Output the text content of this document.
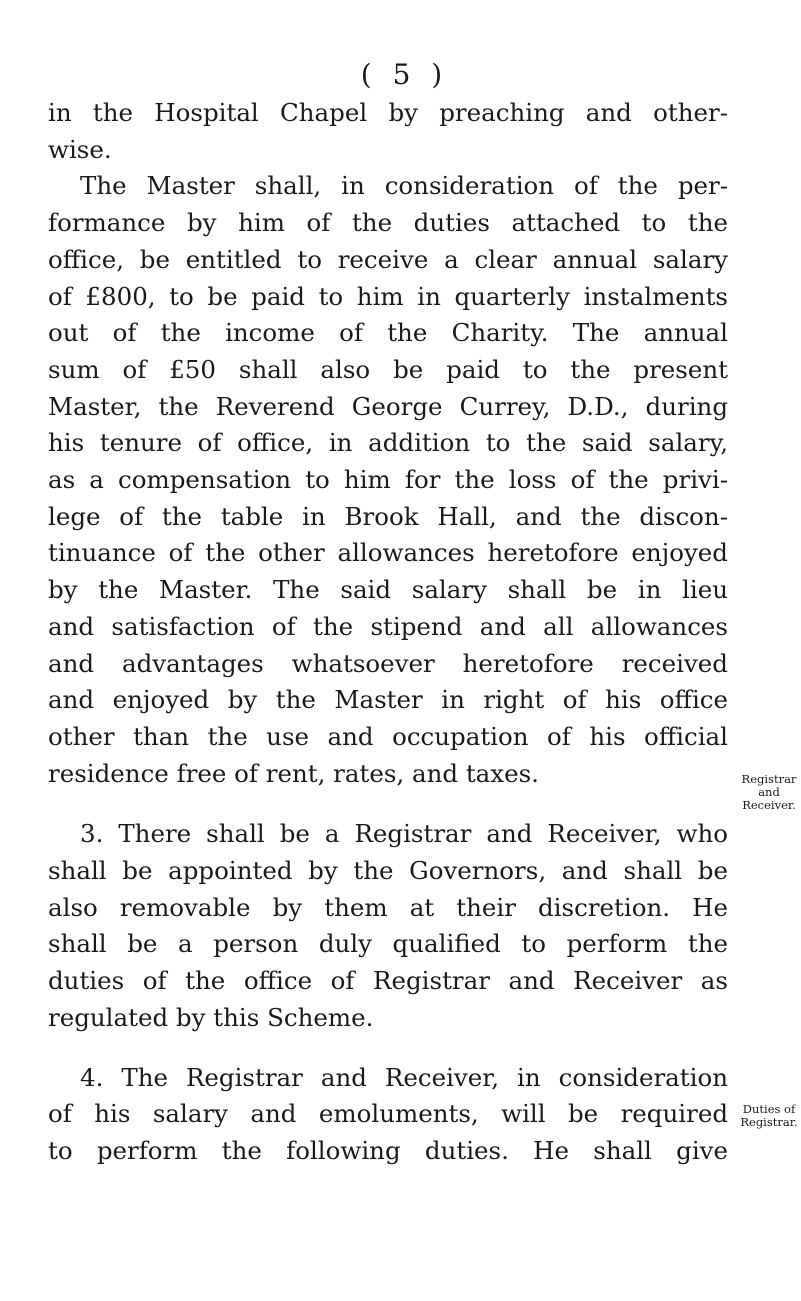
( 5 )
in the Hospital Chapel by preaching and other-
wise.
The Master shall, in consideration of the per-
formance by him of the duties attached to the
office, be entitled to receive a clear annual salary
of £800, to be paid to him in quarterly instalments
out of the income of the Charity. The annual
sum of £50 shall also be paid to the present
Master, the Reverend George Currey, D.D., during
his tenure of office, in addition to the said salary,
as a compensation to him for the loss of the privi-
lege of the table in Brook Hall, and the discon-
tinuance of the other allowances heretofore enjoyed
by the Master. The said salary shall be in lieu
and satisfaction of the stipend and all allowances
and advantages whatsoever heretofore received
and enjoyed by the Master in right of his office
other than the use and occupation of his official
residence free of rent, rates, and taxes.
3. There shall be a Registrar and Receiver, who
shall be appointed by the Governors, and shall be
also removable by them at their discretion. He
shall be a person duly qualified to perform the
duties of the office of Registrar and Receiver as
regulated by this Scheme.
4. The Registrar and Receiver, in consideration
of his salary and emoluments, will be required
to perform the following duties. He shall give
Registrar
and
Receiver.
Duties of
Registrar.
